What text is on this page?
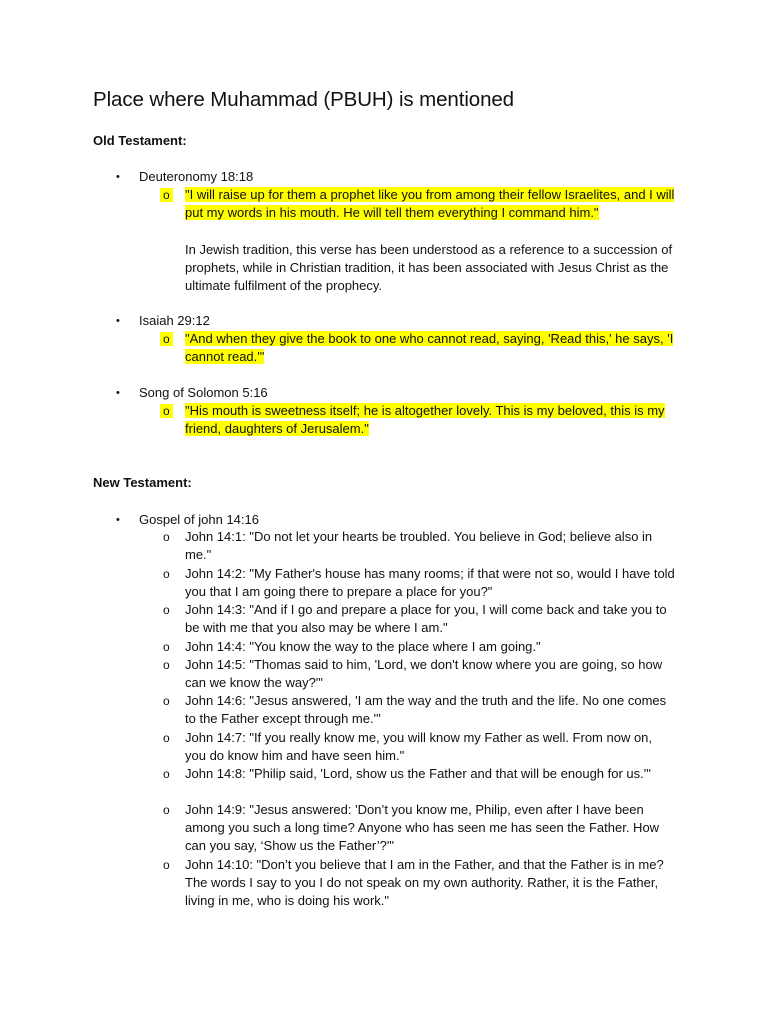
Place where Muhammad (PBUH) is mentioned
Old Testament:
• Deuteronomy 18:18
o "I will raise up for them a prophet like you from among their fellow Israelites, and I will put my words in his mouth. He will tell them everything I command him."
In Jewish tradition, this verse has been understood as a reference to a succession of prophets, while in Christian tradition, it has been associated with Jesus Christ as the ultimate fulfilment of the prophecy.
• Isaiah 29:12
o "And when they give the book to one who cannot read, saying, 'Read this,' he says, 'I cannot read.'"
• Song of Solomon 5:16
o "His mouth is sweetness itself; he is altogether lovely. This is my beloved, this is my friend, daughters of Jerusalem."
New Testament:
• Gospel of john 14:16
o John 14:1: "Do not let your hearts be troubled. You believe in God; believe also in me."
o John 14:2: "My Father's house has many rooms; if that were not so, would I have told you that I am going there to prepare a place for you?"
o John 14:3: "And if I go and prepare a place for you, I will come back and take you to be with me that you also may be where I am."
o John 14:4: "You know the way to the place where I am going."
o John 14:5: "Thomas said to him, 'Lord, we don't know where you are going, so how can we know the way?'"
o John 14:6: "Jesus answered, 'I am the way and the truth and the life. No one comes to the Father except through me.'"
o John 14:7: "If you really know me, you will know my Father as well. From now on, you do know him and have seen him."
o John 14:8: "Philip said, 'Lord, show us the Father and that will be enough for us.'"
o John 14:9: "Jesus answered: 'Don’t you know me, Philip, even after I have been among you such a long time? Anyone who has seen me has seen the Father. How can you say, ‘Show us the Father’?'"
o John 14:10: "Don’t you believe that I am in the Father, and that the Father is in me? The words I say to you I do not speak on my own authority. Rather, it is the Father, living in me, who is doing his work."
